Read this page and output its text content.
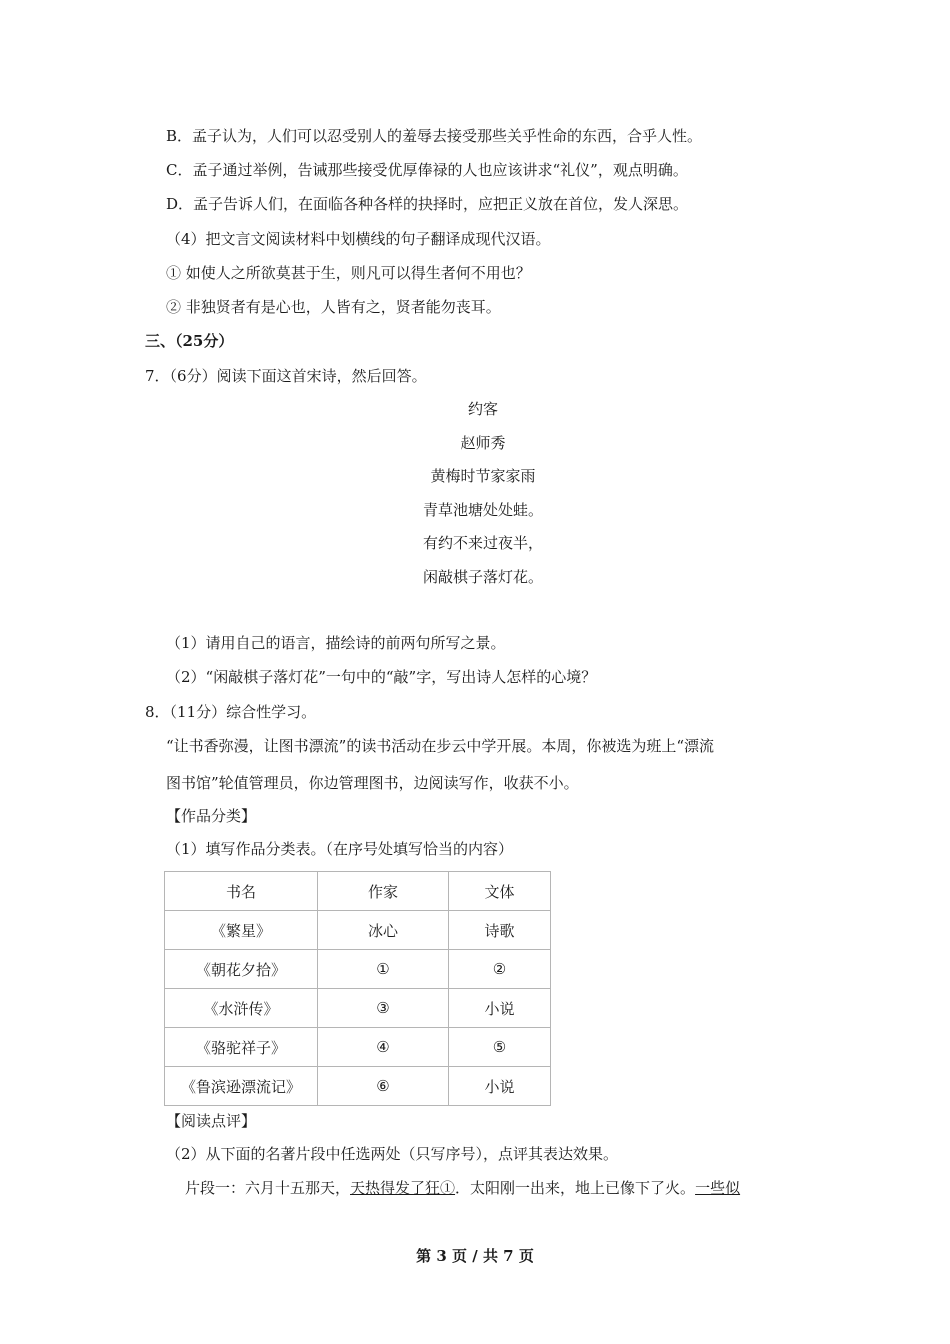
B．孟子认为，人们可以忍受别人的羞辱去接受那些关乎性命的东西，合乎人性。
C．孟子通过举例，告诫那些接受优厚俸禄的人也应该讲求“礼仪”，观点明确。
D．孟子告诉人们，在面临各种各样的抉择时，应把正义放在首位，发人深思。
（4）把文言文阅读材料中划横线的句子翻译成现代汉语。
① 如使人之所欲莫甚于生，则凡可以得生者何不用也？
② 非独贤者有是心也，人皆有之，贤者能勿丧耳。
三、（25分）
7．（6分）阅读下面这首宋诗，然后回答。
约客
赵师秀
黄梅时节家家雨
青草池塘处处蛙。
有约不来过夜半，
闲敲棋子落灯花。
（1）请用自己的语言，描绘诗的前两句所写之景。
（2）“闲敲棋子落灯花”一句中的“敲”字，写出诗人怎样的心境？
8．（11分）综合性学习。
“让书香弥漫，让图书漂流”的读书活动在步云中学开展。本周，你被选为班上“漂流
图书馆”轮值管理员，你边管理图书，边阅读写作，收获不小。
【作品分类】
（1）填写作品分类表。（在序号处填写恰当的内容）
书名	作家	文体
《繁星》	冰心	诗歌
《朝花夕拾》	①	②
《水浒传》	③	小说
《骆驼祥子》	④	⑤
《鲁滨逊漂流记》	⑥	小说
【阅读点评】
（2）从下面的名著片段中任选两处（只写序号），点评其表达效果。
片段一：六月十五那天，天热得发了狂①．太阳刚一出来，地上已像下了火。一些似
第 3 页 / 共 7 页
